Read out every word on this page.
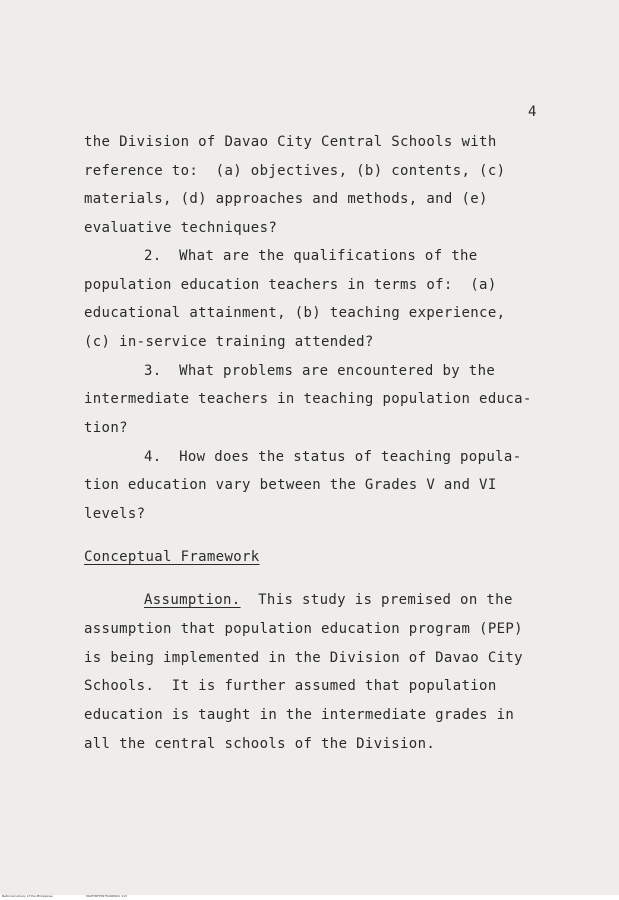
4
the Division of Davao City Central Schools with
reference to:  (a) objectives, (b) contents, (c)
materials, (d) approaches and methods, and (e)
evaluative techniques?
2.  What are the qualifications of the
population education teachers in terms of:  (a)
educational attainment, (b) teaching experience,
(c) in-service training attended?
3.  What problems are encountered by the
intermediate teachers in teaching population educa-
tion?
4.  How does the status of teaching popula-
tion education vary between the Grades V and VI
levels?
Conceptual Framework
Assumption.  This study is premised on the
assumption that population education program (PEP)
is being implemented in the Division of Davao City
Schools.  It is further assumed that population
education is taught in the intermediate grades in
all the central schools of the Division.
National Library of the Philippines	MGHTRTTP9751RDR01 113
